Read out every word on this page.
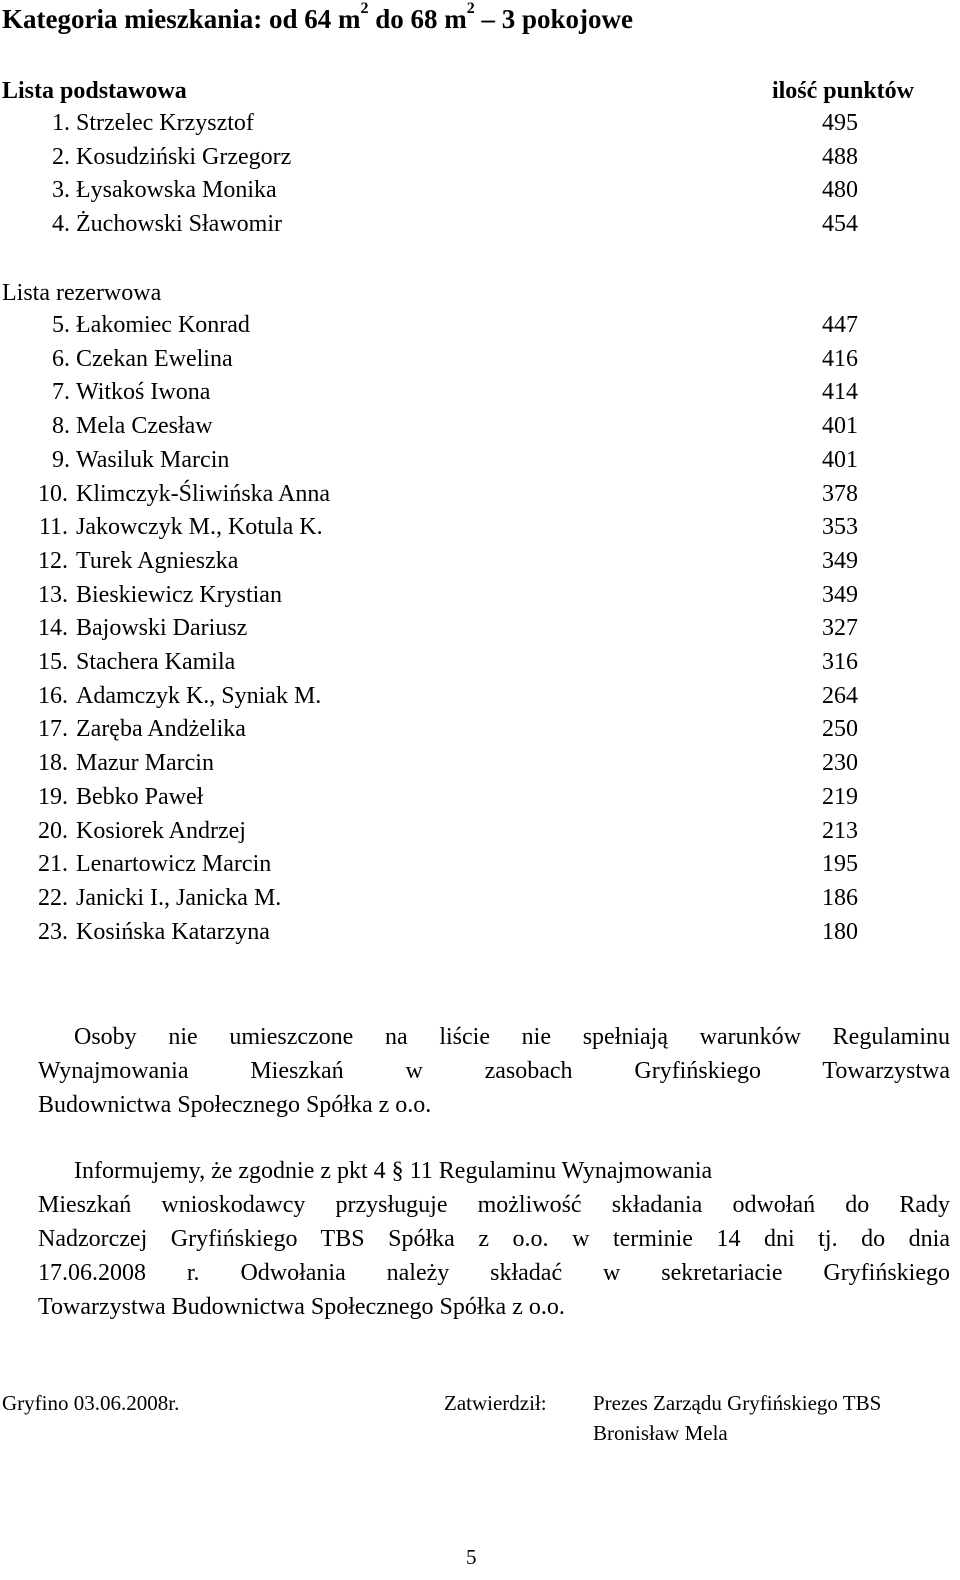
Kategoria mieszkania: od 64 $m^2$ do 68 $m^2 - 3$ pokojowe
Lista podstawowa	ilość punktów
1. Strzelec Krzysztof	495
2. Kosudziński Grzegorz	488
3. Łysakowska Monika	480
4. Żuchowski Sławomir	454
Lista rezerwowa
5. Łakomiec Konrad	447
6. Czekan Ewelina	416
7. Witkoś Iwona	414
8. Mela Czesław	401
9. Wasiluk Marcin	401
10. Klimczyk-Śliwińska Anna	378
11. Jakowczyk M., Kotula K.	353
12. Turek Agnieszka	349
13. Bieskiewicz Krystian	349
14. Bajowski Dariusz	327
15. Stachera Kamila	316
16. Adamczyk K., Syniak M.	264
17. Zaręba Andżelika	250
18. Mazur Marcin	230
19. Bebko Paweł	219
20. Kosiorek Andrzej	213
21. Lenartowicz Marcin	195
22. Janicki I., Janicka M.	186
23. Kosińska Katarzyna	180
Osoby nie umieszczone na liście nie spełniają warunków Regulaminu
Wynajmowania Mieszkań w zasobach Gryfińskiego Towarzystwa
Budownictwa Społecznego Spółka z o.o.
Informujemy, że zgodnie z pkt 4 § 11 Regulaminu Wynajmowania
Mieszkań wnioskodawcy przysługuje możliwość składania odwołań do Rady
Nadzorczej Gryfińskiego TBS Spółka z o.o. w terminie 14 dni tj. do dnia
17.06.2008 r. Odwołania należy składać w sekretariacie Gryfińskiego
Towarzystwa Budownictwa Społecznego Spółka z o.o.
Gryfino 03.06.2008r.	Zatwierdził: Prezes Zarządu Gryfińskiego TBS
Bronisław Mela
5
